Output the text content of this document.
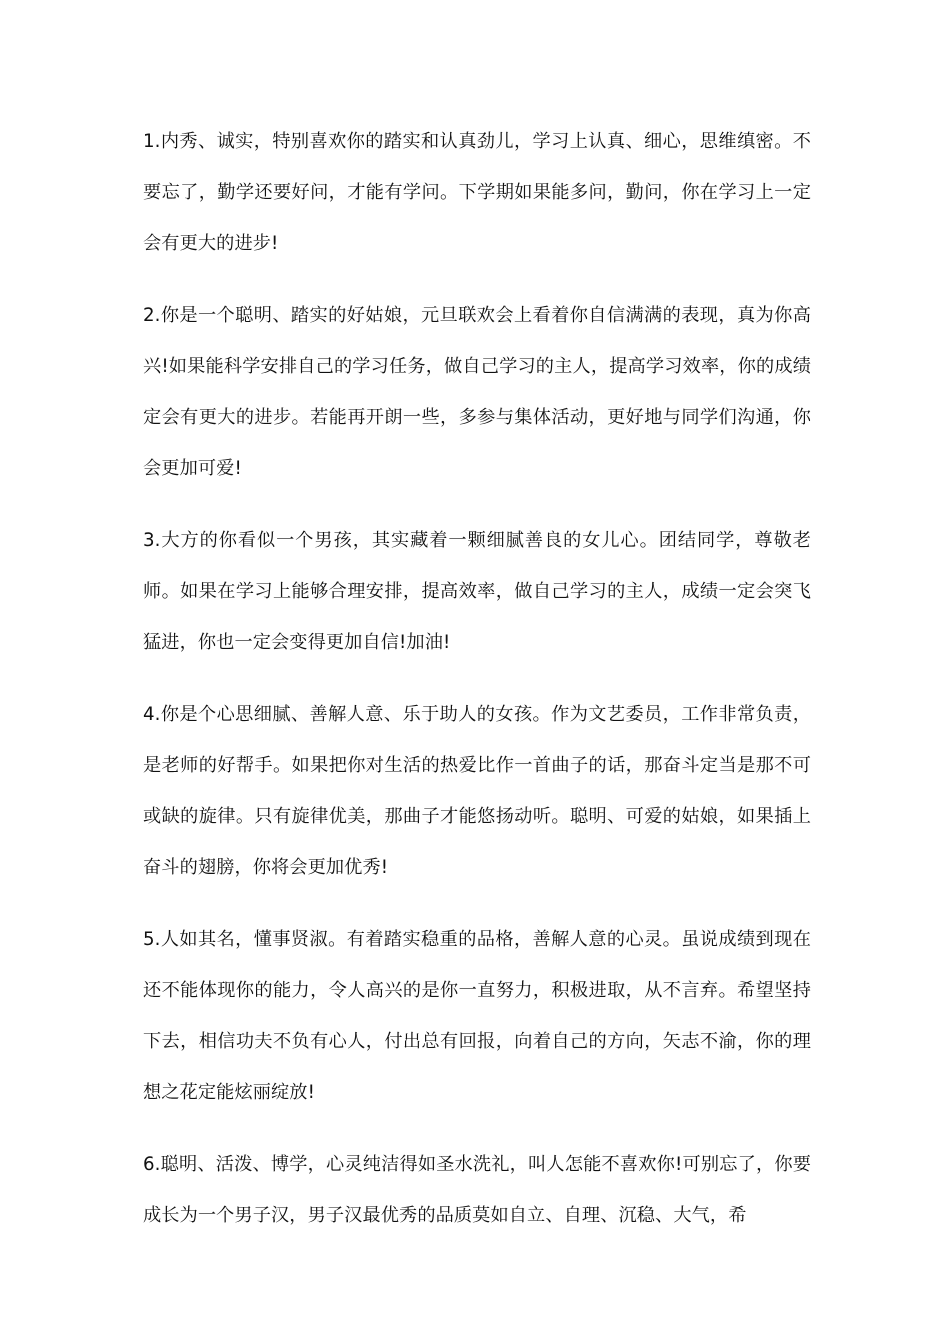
1.内秀、诚实，特别喜欢你的踏实和认真劲儿，学习上认真、细心，思维缜密。不要忘了，勤学还要好问，才能有学问。下学期如果能多问，勤问，你在学习上一定会有更大的进步!

2.你是一个聪明、踏实的好姑娘，元旦联欢会上看着你自信满满的表现，真为你高兴!如果能科学安排自己的学习任务，做自己学习的主人，提高学习效率，你的成绩定会有更大的进步。若能再开朗一些，多参与集体活动，更好地与同学们沟通，你会更加可爱!

3.大方的你看似一个男孩，其实藏着一颗细腻善良的女儿心。团结同学，尊敬老师。如果在学习上能够合理安排，提高效率，做自己学习的主人，成绩一定会突飞猛进，你也一定会变得更加自信!加油!

4.你是个心思细腻、善解人意、乐于助人的女孩。作为文艺委员，工作非常负责，是老师的好帮手。如果把你对生活的热爱比作一首曲子的话，那奋斗定当是那不可或缺的旋律。只有旋律优美，那曲子才能悠扬动听。聪明、可爱的姑娘，如果插上奋斗的翅膀，你将会更加优秀!

5.人如其名，懂事贤淑。有着踏实稳重的品格，善解人意的心灵。虽说成绩到现在还不能体现你的能力，令人高兴的是你一直努力，积极进取，从不言弃。希望坚持下去，相信功夫不负有心人，付出总有回报，向着自己的方向，矢志不渝，你的理想之花定能炫丽绽放!

6.聪明、活泼、博学，心灵纯洁得如圣水洗礼，叫人怎能不喜欢你!可别忘了，你要成长为一个男子汉，男子汉最优秀的品质莫如自立、自理、沉稳、大气，希
